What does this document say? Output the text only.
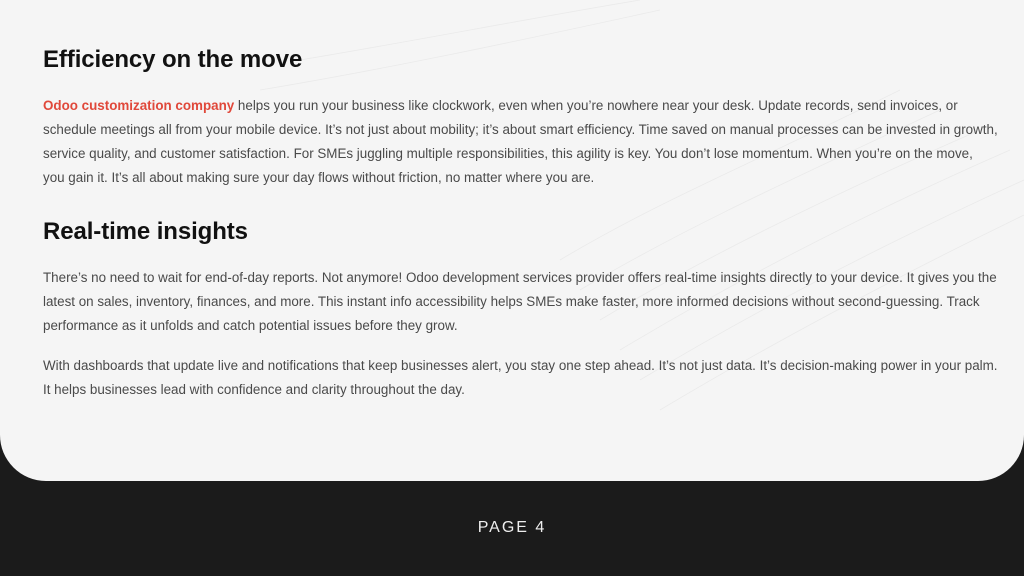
Efficiency on the move

Odoo customization company helps you run your business like clockwork, even when you’re nowhere near your desk. Update records, send invoices, or schedule meetings all from your mobile device. It’s not just about mobility; it’s about smart efficiency. Time saved on manual processes can be invested in growth, service quality, and customer satisfaction. For SMEs juggling multiple responsibilities, this agility is key. You don’t lose momentum. When you’re on the move, you gain it. It’s all about making sure your day flows without friction, no matter where you are.

Real-time insights

There’s no need to wait for end-of-day reports. Not anymore! Odoo development services provider offers real-time insights directly to your device. It gives you the latest on sales, inventory, finances, and more. This instant info accessibility helps SMEs make faster, more informed decisions without second-guessing. Track performance as it unfolds and catch potential issues before they grow.

With dashboards that update live and notifications that keep businesses alert, you stay one step ahead. It’s not just data. It’s decision-making power in your palm. It helps businesses lead with confidence and clarity throughout the day.

PAGE 4
